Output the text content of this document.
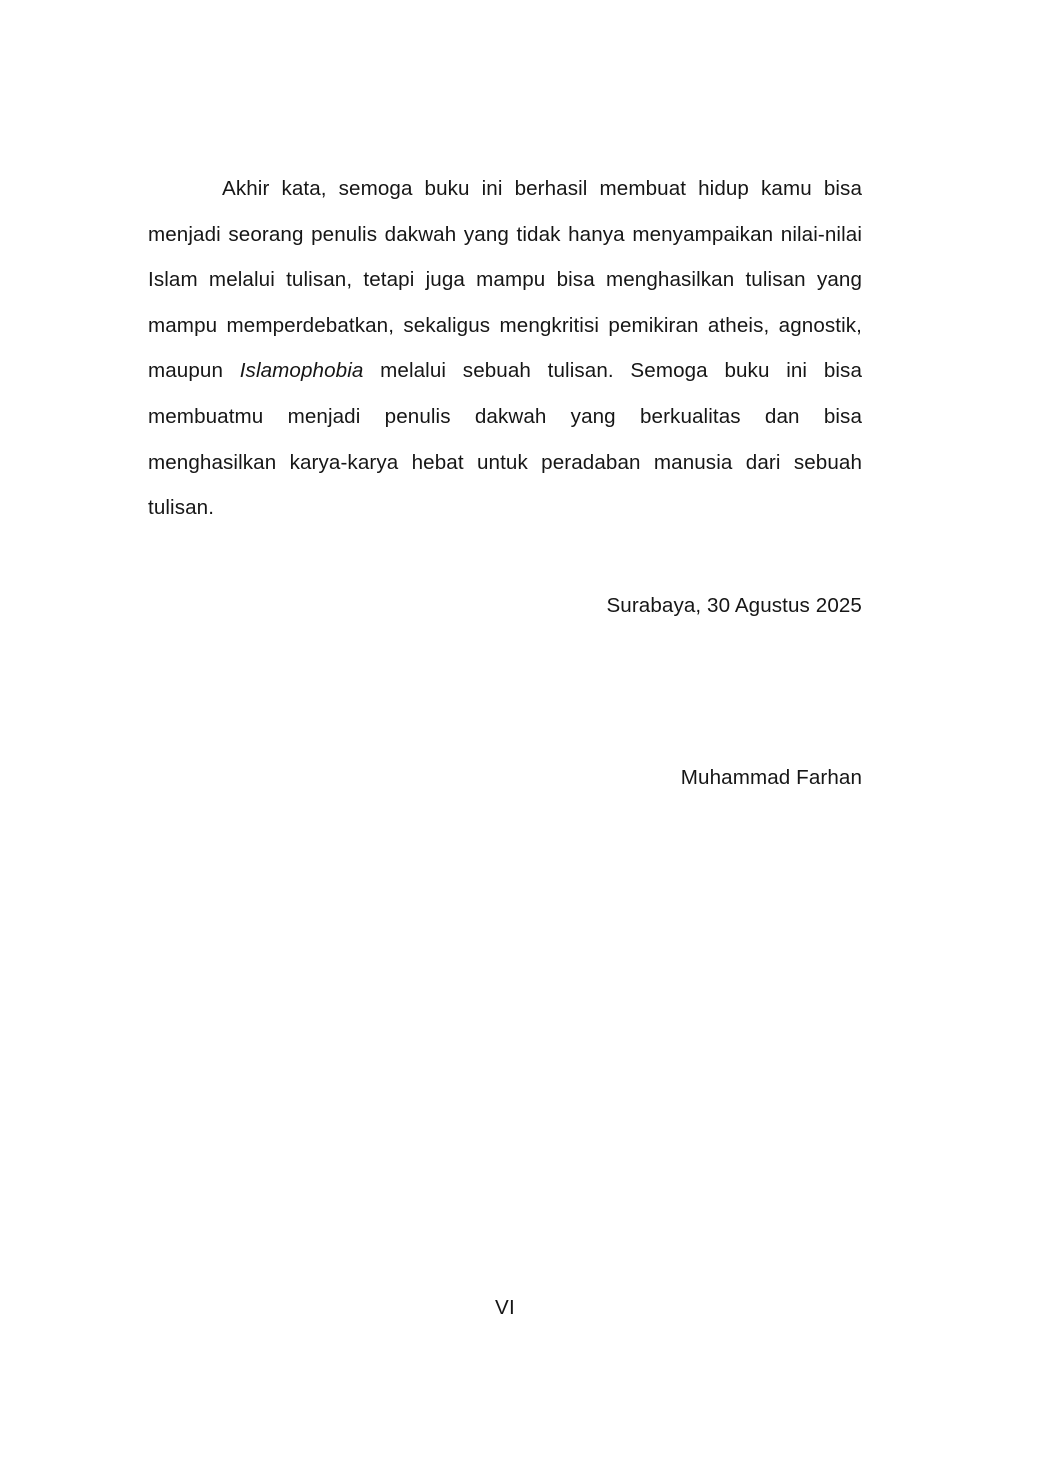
Akhir kata, semoga buku ini berhasil membuat hidup kamu bisa menjadi seorang penulis dakwah yang tidak hanya menyampaikan nilai-nilai Islam melalui tulisan, tetapi juga mampu bisa menghasilkan tulisan yang mampu memperdebatkan, sekaligus mengkritisi pemikiran atheis, agnostik, maupun Islamophobia melalui sebuah tulisan. Semoga buku ini bisa membuatmu menjadi penulis dakwah yang berkualitas dan bisa menghasilkan karya-karya hebat untuk peradaban manusia dari sebuah tulisan.

Surabaya, 30 Agustus 2025
Muhammad Farhan
VI
